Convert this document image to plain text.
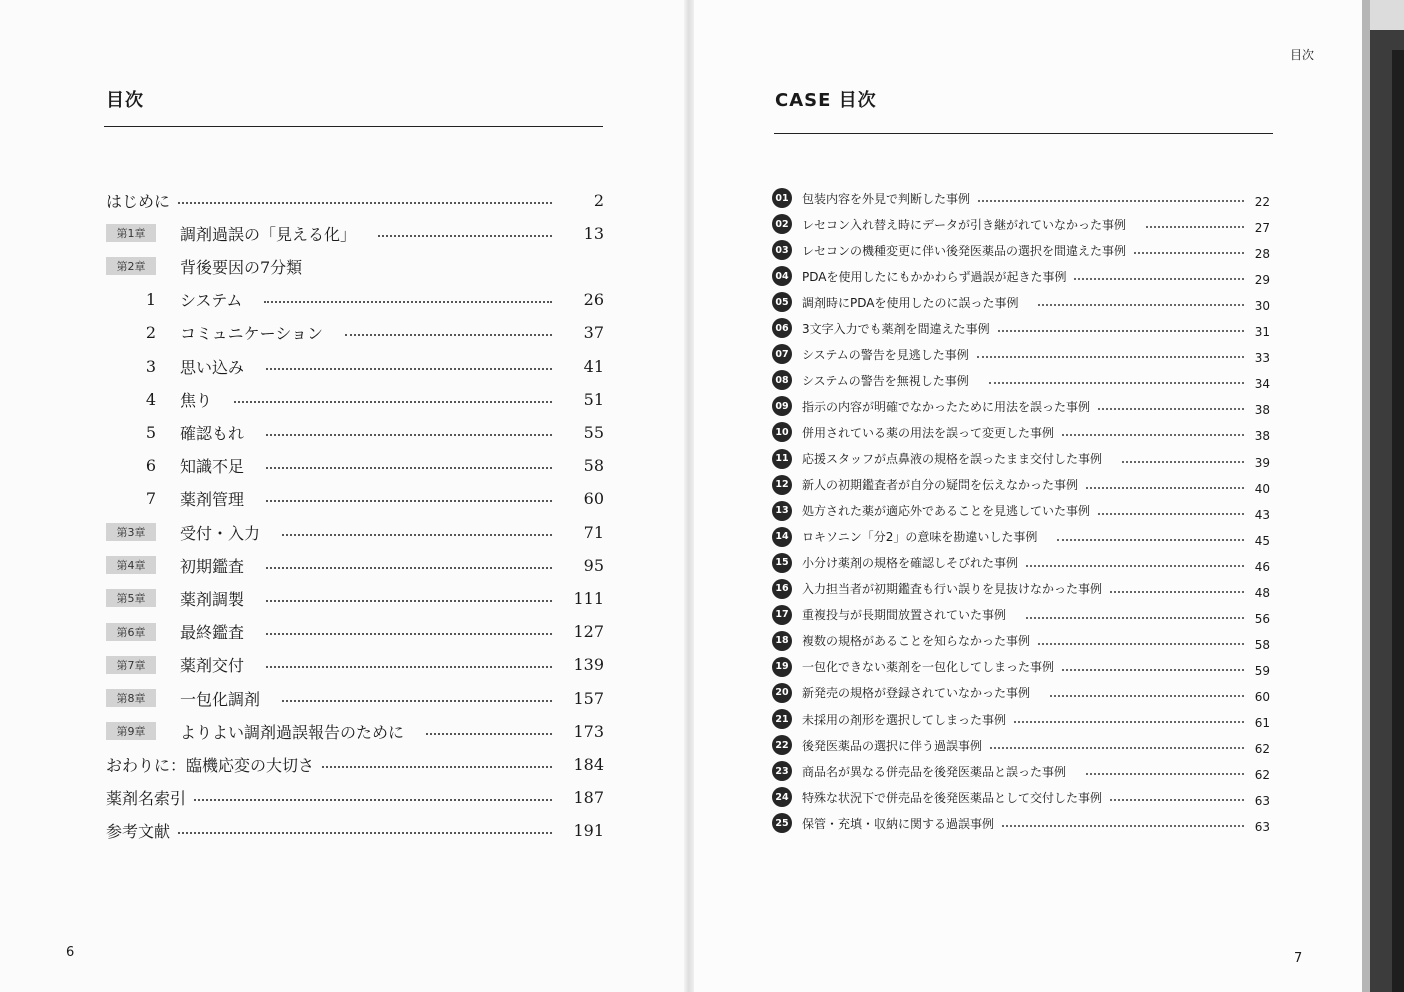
目次
6
はじめに	2
第1章	調剤過誤の「見える化」	13
第2章	背後要因の7分類
1	システム	26
2	コミュニケーション	37
3	思い込み	41
4	焦り	51
5	確認もれ	55
6	知識不足	58
7	薬剤管理	60
第3章	受付・入力	71
第4章	初期鑑査	95
第5章	薬剤調製	111
第6章	最終鑑査	127
第7章	薬剤交付	139
第8章	一包化調剤	157
第9章	よりよい調剤過誤報告のために	173
おわりに：臨機応変の大切さ	184
薬剤名索引	187
参考文献	191
目次
CASE 目次
7
01 包装内容を外見で判断した事例	22
02 レセコン入れ替え時にデータが引き継がれていなかった事例	27
03 レセコンの機種変更に伴い後発医薬品の選択を間違えた事例	28
04 PDAを使用したにもかかわらず過誤が起きた事例	29
05 調剤時にPDAを使用したのに誤った事例	30
06 3文字入力でも薬剤を間違えた事例	31
07 システムの警告を見逃した事例	33
08 システムの警告を無視した事例	34
09 指示の内容が明確でなかったために用法を誤った事例	38
10 併用されている薬の用法を誤って変更した事例	38
11 応援スタッフが点鼻液の規格を誤ったまま交付した事例	39
12 新人の初期鑑査者が自分の疑問を伝えなかった事例	40
13 処方された薬が適応外であることを見逃していた事例	43
14 ロキソニン「分2」の意味を勘違いした事例	45
15 小分け薬剤の規格を確認しそびれた事例	46
16 入力担当者が初期鑑査も行い誤りを見抜けなかった事例	48
17 重複投与が長期間放置されていた事例	56
18 複数の規格があることを知らなかった事例	58
19 一包化できない薬剤を一包化してしまった事例	59
20 新発売の規格が登録されていなかった事例	60
21 未採用の剤形を選択してしまった事例	61
22 後発医薬品の選択に伴う過誤事例	62
23 商品名が異なる併売品を後発医薬品と誤った事例	62
24 特殊な状況下で併売品を後発医薬品として交付した事例	63
25 保管・充填・収納に関する過誤事例	63
